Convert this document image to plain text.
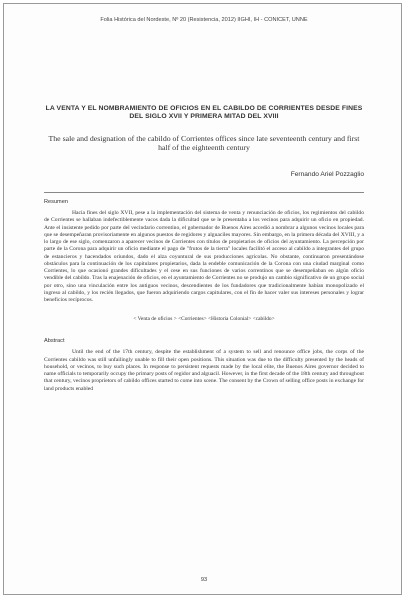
Folia Histórica del Nordeste, Nº 20 (Resistencia, 2012) IIGHI, IH - CONICET, UNNE
LA VENTA Y EL NOMBRAMIENTO DE OFICIOS EN EL CABILDO DE CORRIENTES DESDE FINES DEL SIGLO XVII Y PRIMERA MITAD DEL XVIII
The sale and designation of the cabildo of Corrientes offices since late seventeenth century and first half of the eighteenth century
Fernando Ariel Pozzaglio
Resumen
Hacia fines del siglo XVII, pese a la implementación del sistema de venta y renunciación de oficios, los regimientos del cabildo de Corrientes se hallaban indefectiblemente vacos dada la dificultad que se le presentaba a los vecinos para adquirir un oficio en propiedad. Ante el insistente pedido por parte del vecindario correntino, el gobernador de Buenos Aires accedió a nombrar a algunos vecinos locales para que se desempeñaran provisoriamente en algunos puestos de regidores y alguaciles mayores. Sin embargo, en la primera década del XVIII, y a lo largo de ese siglo, comenzaron a aparecer vecinos de Corrientes con títulos de propietarios de oficios del ayuntamiento. La percepción por parte de la Corona para adquirir un oficio mediante el pago de "frutos de la tierra" locales facilitó el acceso al cabildo a integrantes del grupo de estancieros y hacendados oriundos, dado el alza coyuntural de sus producciones agrícolas. No obstante, continuaron presentándose obstáculos para la continuación de los capitulares propietarios, dada la endeble comunicación de la Corona con una ciudad marginal como Corrientes, lo que ocasionó grandes dificultades y el cese en sus funciones de varios correntinos que se desempeñaban en algún oficio vendible del cabildo. Tras la enajenación de oficios, en el ayuntamiento de Corrientes no se produjo un cambio significativo de un grupo social por otro, sino una vinculación entre los antiguos vecinos, descendientes de los fundadores que tradicionalmente habían monopolizado el ingreso al cabildo, y los recién llegados, que fueron adquiriendo cargos capitulares, con el fin de hacer valer sus intereses personales y lograr beneficios recíprocos.
< Venta de oficios > <Corrientes> <Historia Colonial> <cabildo>
Abstract
Until the end of the 17th century, despite the establishment of a system to sell and renounce office jobs, the corps of the Corrientes cabildo was still unfailingly unable to fill their open positions. This situation was due to the difficulty presented by the heads of household, or vecinos, to buy such places. In response to persistent requests made by the local elite, the Buenos Aires governor decided to name officials to temporarily occupy the primary posts of regidor and alguacil. However, in the first decade of the 18th century and throughout that century, vecinos proprietors of cabildo offices started to come into scene. The consent by the Crown of selling office posts in exchange for land products enabled
93
